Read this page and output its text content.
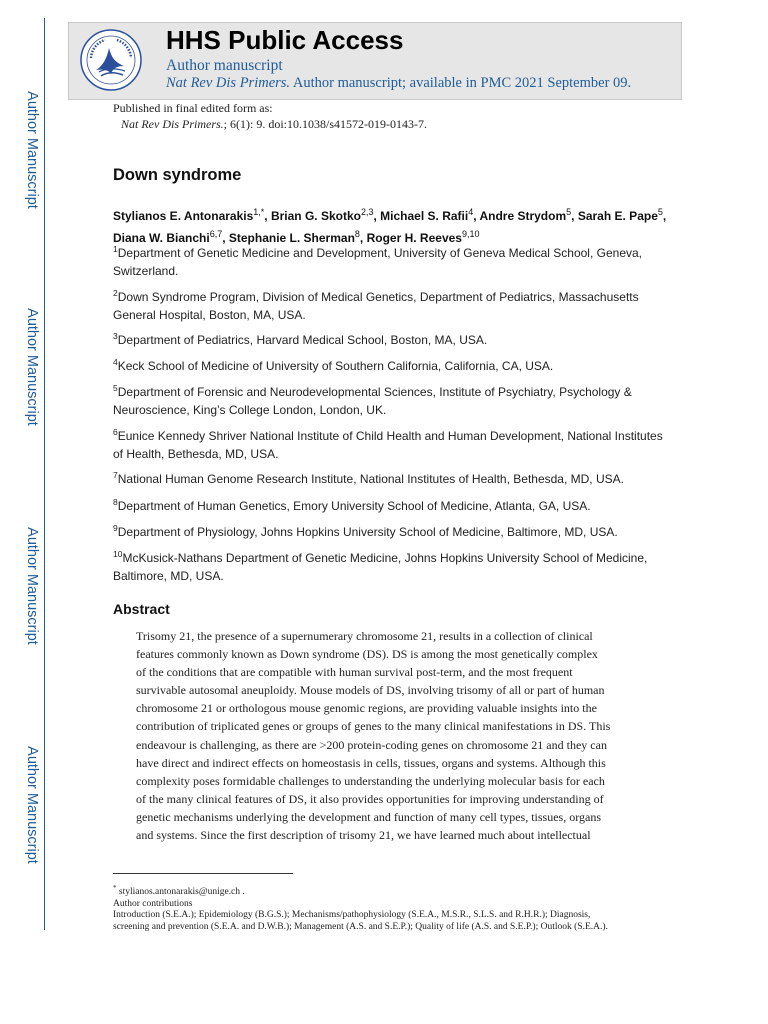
Author Manuscript
Author Manuscript
Author Manuscript
Author Manuscript
HHS Public Access
Author manuscript
Nat Rev Dis Primers. Author manuscript; available in PMC 2021 September 09.
Published in final edited form as:
Nat Rev Dis Primers.; 6(1): 9. doi:10.1038/s41572-019-0143-7.
Down syndrome
Stylianos E. Antonarakis$^{1,*}$, Brian G. Skotko$^{2,3}$, Michael S. Rafii$^4$, Andre Strydom$^5$, Sarah E. Pape$^5$, Diana W. Bianchi$^{6,7}$, Stephanie L. Sherman$^8$, Roger H. Reeves$^{9,10}$
$^1$Department of Genetic Medicine and Development, University of Geneva Medical School, Geneva, Switzerland.
$^2$Down Syndrome Program, Division of Medical Genetics, Department of Pediatrics, Massachusetts General Hospital, Boston, MA, USA.
$^3$Department of Pediatrics, Harvard Medical School, Boston, MA, USA.
$^4$Keck School of Medicine of University of Southern California, California, CA, USA.
$^5$Department of Forensic and Neurodevelopmental Sciences, Institute of Psychiatry, Psychology & Neuroscience, King’s College London, London, UK.
$^6$Eunice Kennedy Shriver National Institute of Child Health and Human Development, National Institutes of Health, Bethesda, MD, USA.
$^7$National Human Genome Research Institute, National Institutes of Health, Bethesda, MD, USA.
$^8$Department of Human Genetics, Emory University School of Medicine, Atlanta, GA, USA.
$^9$Department of Physiology, Johns Hopkins University School of Medicine, Baltimore, MD, USA.
$^{10}$McKusick-Nathans Department of Genetic Medicine, Johns Hopkins University School of Medicine, Baltimore, MD, USA.
Abstract
Trisomy 21, the presence of a supernumerary chromosome 21, results in a collection of clinical
features commonly known as Down syndrome (DS). DS is among the most genetically complex
of the conditions that are compatible with human survival post-term, and the most frequent
survivable autosomal aneuploidy. Mouse models of DS, involving trisomy of all or part of human
chromosome 21 or orthologous mouse genomic regions, are providing valuable insights into the
contribution of triplicated genes or groups of genes to the many clinical manifestations in DS. This
endeavour is challenging, as there are >200 protein-coding genes on chromosome 21 and they can
have direct and indirect effects on homeostasis in cells, tissues, organs and systems. Although this
complexity poses formidable challenges to understanding the underlying molecular basis for each
of the many clinical features of DS, it also provides opportunities for improving understanding of
genetic mechanisms underlying the development and function of many cell types, tissues, organs
and systems. Since the first description of trisomy 21, we have learned much about intellectual
* stylianos.antonarakis@unige.ch .
Author contributions
Introduction (S.E.A.); Epidemiology (B.G.S.); Mechanisms/pathophysiology (S.E.A., M.S.R., S.L.S. and R.H.R.); Diagnosis,
screening and prevention (S.E.A. and D.W.B.); Management (A.S. and S.E.P.); Quality of life (A.S. and S.E.P.); Outlook (S.E.A.).
